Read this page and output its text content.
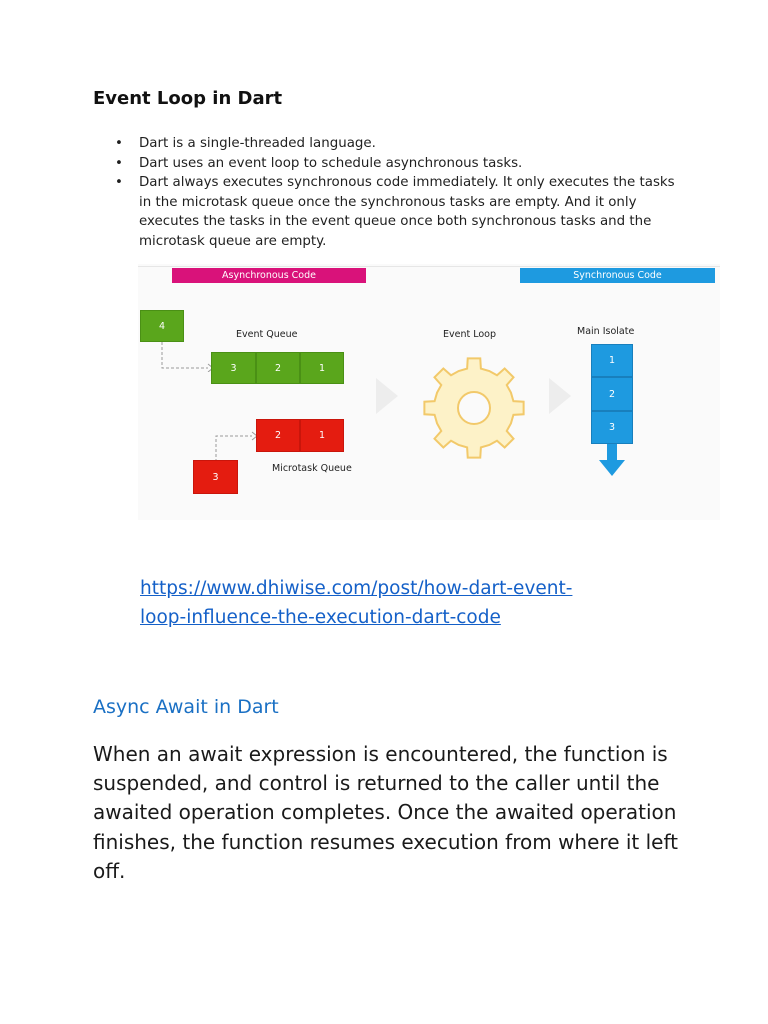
Event Loop in Dart
• Dart is a single-threaded language.
• Dart uses an event loop to schedule asynchronous tasks.
• Dart always executes synchronous code immediately. It only executes the tasks in the microtask queue once the synchronous tasks are empty. And it only executes the tasks in the event queue once both synchronous tasks and the microtask queue are empty.
Asynchronous Code	Synchronous Code
4
Event Queue
3	2	1
2	1
3
Microtask Queue
Event Loop	Main Isolate
1
2
3
https://www.dhiwise.com/post/how-dart-event-
loop-influence-the-execution-dart-code
Async Await in Dart

When an await expression is encountered, the function is suspended, and control is returned to the caller until the awaited operation completes. Once the awaited operation finishes, the function resumes execution from where it left off.
